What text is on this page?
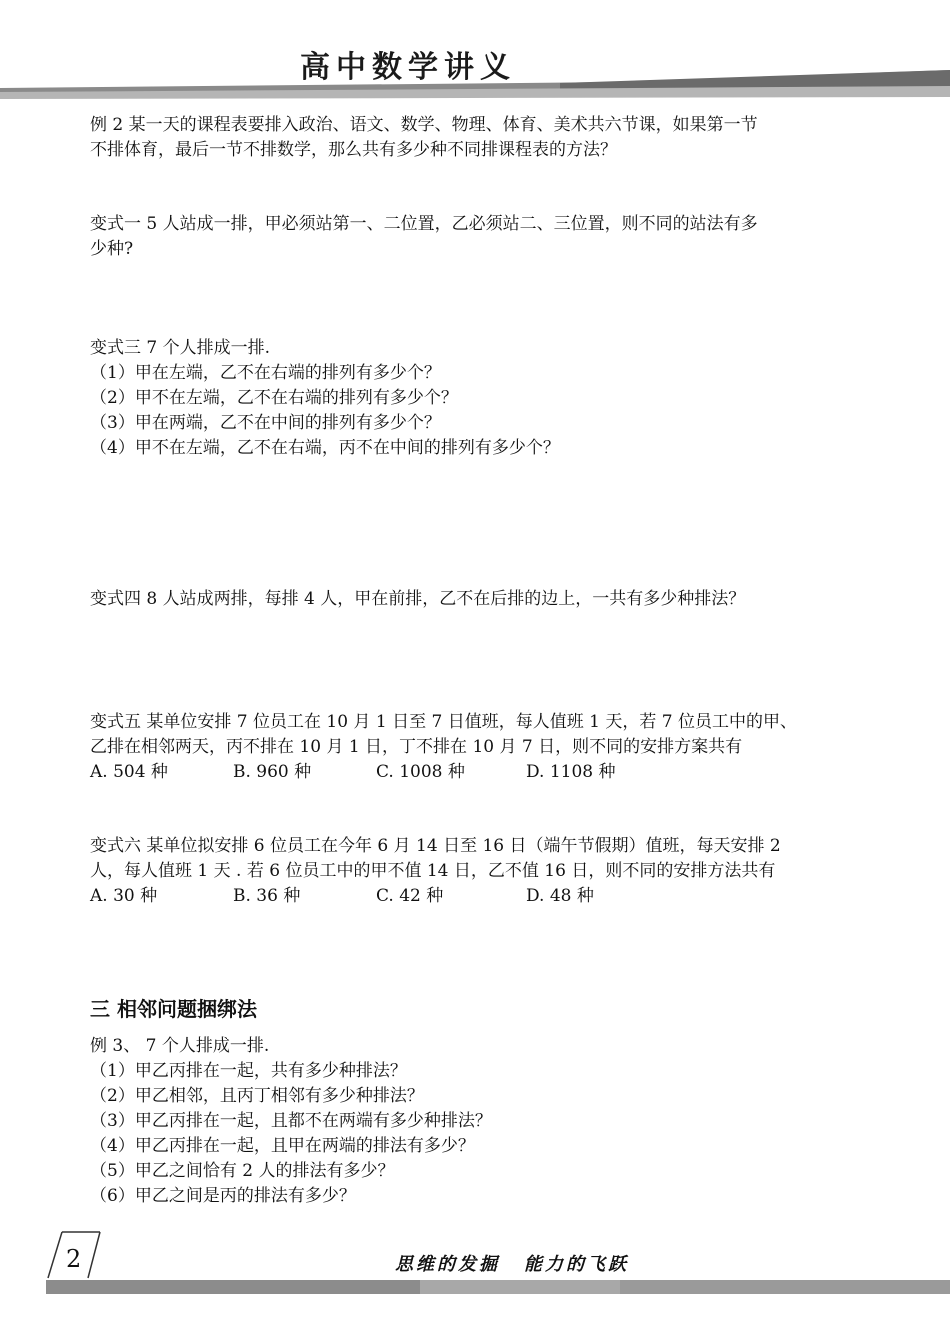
高中数学讲义

例 2 某一天的课程表要排入政治、语文、数学、物理、体育、美术共六节课，如果第一节

不排体育，最后一节不排数学，那么共有多少种不同排课程表的方法？

变式一 5 人站成一排，甲必须站第一、二位置，乙必须站二、三位置，则不同的站法有多

少种?

变式三 7 个人排成一排.

（1）甲在左端，乙不在右端的排列有多少个？

（2）甲不在左端，乙不在右端的排列有多少个？

（3）甲在两端，乙不在中间的排列有多少个？

（4）甲不在左端，乙不在右端，丙不在中间的排列有多少个？

变式四 8 人站成两排，每排 4 人，甲在前排，乙不在后排的边上，一共有多少种排法？

变式五 某单位安排 7 位员工在 10 月 1 日至 7 日值班，每人值班 1 天，若 7 位员工中的甲、

乙排在相邻两天，丙不排在 10 月 1 日，丁不排在 10 月 7 日，则不同的安排方案共有

A. 504 种	B. 960 种	C. 1008 种	D. 1108 种

变式六 某单位拟安排 6 位员工在今年 6 月 14 日至 16 日（端午节假期）值班，每天安排 2

人，每人值班 1 天 . 若 6 位员工中的甲不值 14 日，乙不值 16 日，则不同的安排方法共有

A. 30 种	B. 36 种	C. 42 种	D. 48 种
三 相邻问题捆绑法

例 3、 7 个人排成一排.

（1）甲乙丙排在一起，共有多少种排法？

（2）甲乙相邻，且丙丁相邻有多少种排法？

（3）甲乙丙排在一起，且都不在两端有多少种排法？

（4）甲乙丙排在一起，且甲在两端的排法有多少？

（5）甲乙之间恰有 2 人的排法有多少？

（6）甲乙之间是丙的排法有多少？

2	思维的发掘 能力的飞跃
